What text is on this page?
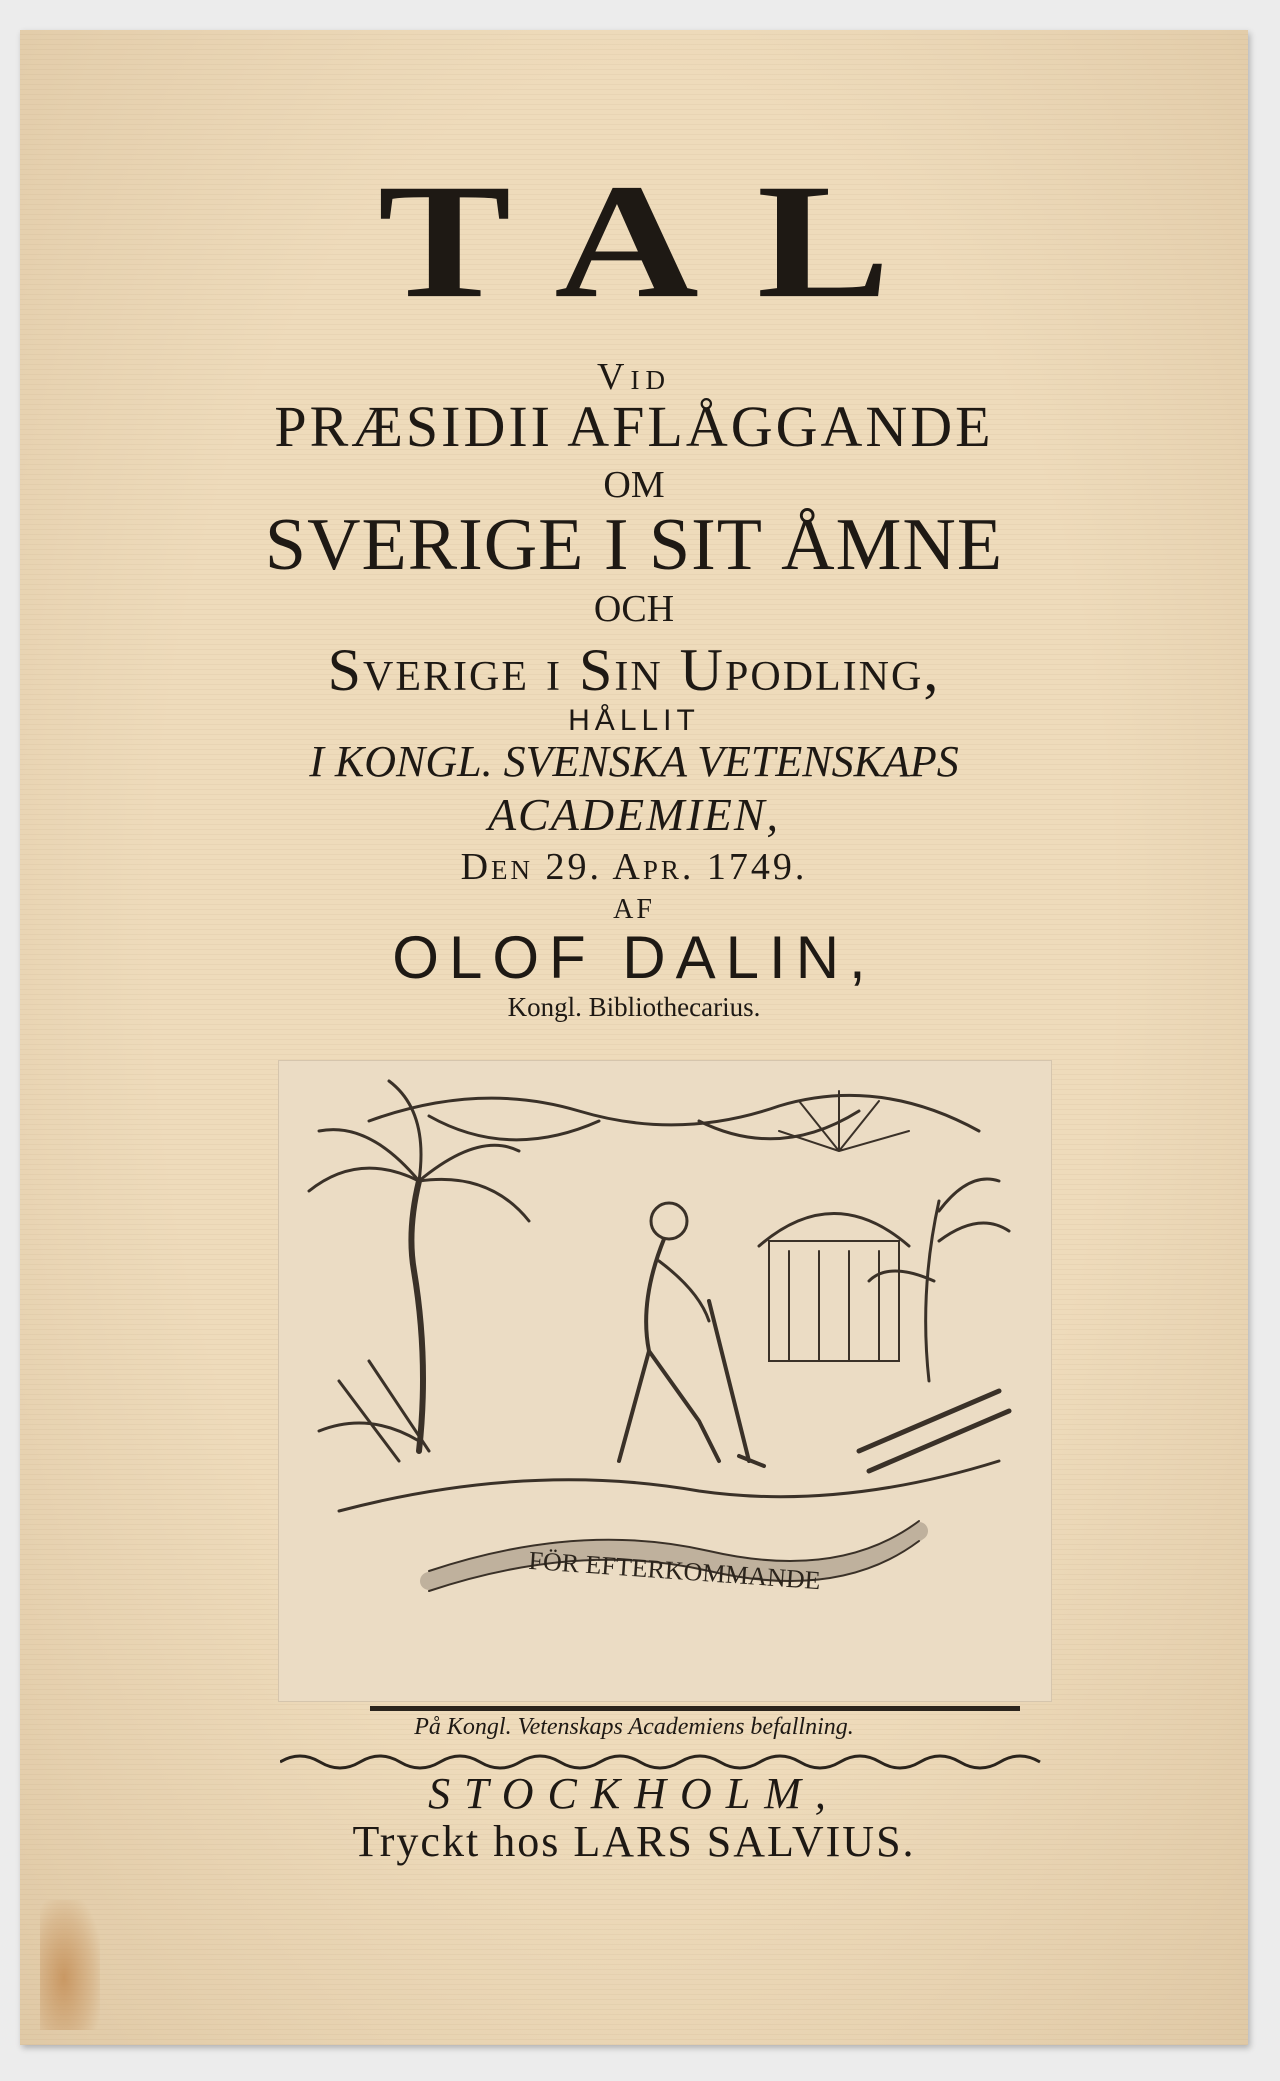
TAL
Vid
PRÆSIDII AFLÅGGANDE
OM
SVERIGE I SIT ÅMNE
OCH
Sverige i Sin Upodling,
HÅLLIT
I KONGL. SVENSKA VETENSKAPS
ACADEMIEN,
Den 29. Apr. 1749.
AF
OLOF DALIN,
Kongl. Bibliothecarius.
FÖR EFTERKOMMANDE
På Kongl. Vetenskaps Academiens befallning.
STOCKHOLM,
Tryckt hos LARS SALVIUS.
